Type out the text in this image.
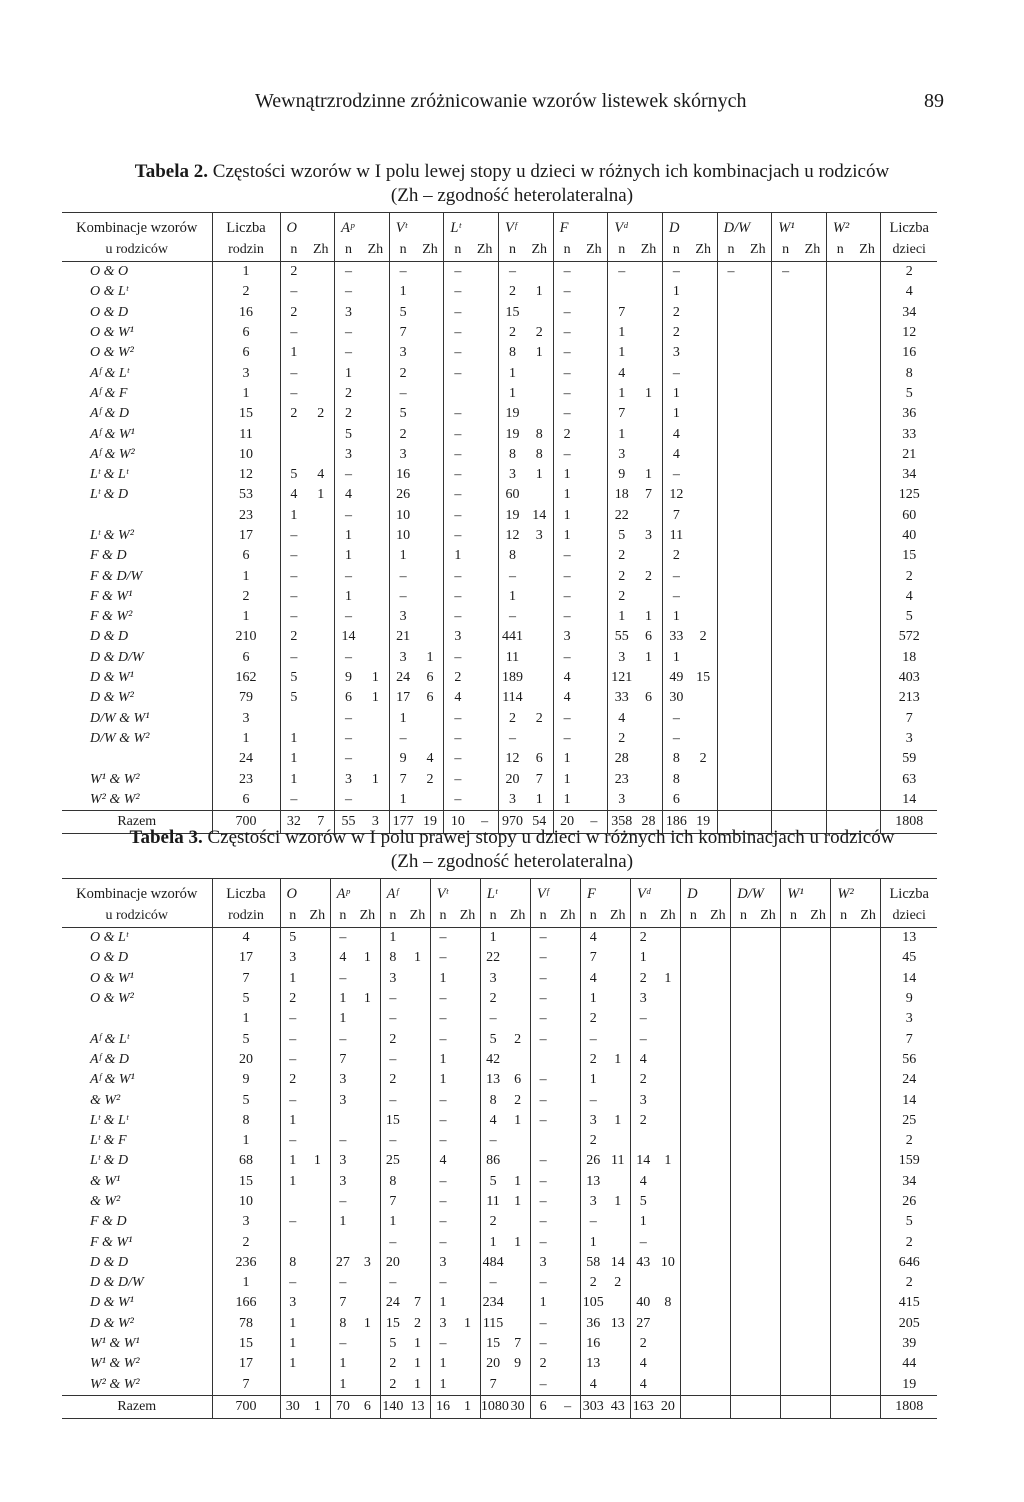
Wewnątrzrodzinne zróżnicowanie wzorów listewek skórnych	89
Tabela 2. Częstości wzorów w I polu lewej stopy u dzieci w różnych ich kombinacjach u rodziców
(Zh – zgodność heterolateralna)
Kombinacje wzorów	Liczba	O		Aᵖ		Vᵗ		Lᵗ		Vᶠ		F		Vᵈ		D		D/W		W¹		W²		Liczba
u rodziców	rodzin	n	Zh	n	Zh	n	Zh	n	Zh	n	Zh	n	Zh	n	Zh	n	Zh	n	Zh	n	Zh	n	Zh	dzieci
O & O	1	2		–		–		–		–		–		–		–		–		–				2
O & Lᵗ	2	–		–		1		–		2	1	–				1								4
O & D	16	2		3		5		–		15		–		7		2								34
O & W¹	6	–		–		7		–		2	2	–		1		2								12
O & W²	6	1		–		3		–		8	1	–		1		3								16
Aᶠ & Lᵗ	3	–		1		2		–		1		–		4		–								8
Aᶠ & F	1	–		2		–				1		–		1	1	1								5
Aᶠ & D	15	2	2	2		5		–		19		–		7		1								36
Aᶠ & W¹	11			5		2		–		19	8	2		1		4								33
Aᶠ & W²	10			3		3		–		8	8	–		3		4								21
Lᵗ & Lᵗ	12	5	4	–		16		–		3	1	1		9	1	–								34
Lᵗ & D	53	4	1	4		26		–		60		1		18	7	12								125
	23	1		–		10		–		19	14	1		22		7								60
Lᵗ & W²	17	–		1		10		–		12	3	1		5	3	11								40
F & D	6	–		1		1		1		8		–		2		2								15
F & D/W	1	–		–		–		–		–		–		2	2	–								2
F & W¹	2	–		1		–		–		1		–		2		–								4
F & W²	1	–		–		3		–		–		–		1	1	1								5
D & D	210	2		14		21		3		441		3		55	6	33	2							572
D & D/W	6	–		–		3	1	–		11		–		3	1	1								18
D & W¹	162	5		9	1	24	6	2		189		4		121		49	15							403
D & W²	79	5		6	1	17	6	4		114		4		33	6	30								213
D/W & W¹	3			–		1		–		2	2	–		4		–								7
D/W & W²	1	1		–		–		–		–		–		2		–								3
	24	1		–		9	4	–		12	6	1		28		8	2							59
W¹ & W²	23	1		3	1	7	2	–		20	7	1		23		8								63
W² & W²	6	–		–		1		–		3	1	1		3		6								14
Razem	700	32	7	55	3	177	19	10	–	970	54	20	–	358	28	186	19							1808
Tabela 3. Częstości wzorów w I polu prawej stopy u dzieci w różnych ich kombinacjach u rodziców
(Zh – zgodność heterolateralna)
Kombinacje wzorów	Liczba	O		Aᵖ		Aᶠ		Vᵗ		Lᵗ		Vᶠ		F		Vᵈ		D		D/W		W¹		W²		Liczba
u rodziców	rodzin	n	Zh	n	Zh	n	Zh	n	Zh	n	Zh	n	Zh	n	Zh	n	Zh	n	Zh	n	Zh	n	Zh	n	Zh	dzieci
O & Lᵗ	4	5		–		1		–		1		–		4		2										13
O & D	17	3		4	1	8	1	–		22		–		7		1										45
O & W¹	7	1		–		3		1		3		–		4		2	1									14
O & W²	5	2		1	1	–		–		2		–		1		3										9
	1	–		1		–		–		–		–		2		–										3
Aᶠ & Lᵗ	5	–		–		2		–		5	2	–		–		–										7
Aᶠ & D	20	–		7		–		1		42				2	1	4										56
Aᶠ & W¹	9	2		3		2		1		13	6	–		1		2										24
& W²	5	–		3		–		–		8	2	–		–		3										14
Lᵗ & Lᵗ	8	1				15		–		4	1	–		3	1	2										25
Lᵗ & F	1	–		–		–		–		–				2												2
Lᵗ & D	68	1	1	3		25		4		86		–		26	11	14	1									159
& W¹	15	1		3		8		–		5	1	–		13		4										34
& W²	10			–		7		–		11	1	–		3	1	5										26
F & D	3	–		1		1		–		2		–		–		1										5
F & W¹	2					–		–		1	1	–		1		–										2
D & D	236	8		27	3	20		3		484		3		58	14	43	10									646
D & D/W	1	–		–		–		–		–		–		2	2											2
D & W¹	166	3		7		24	7	1		234		1		105		40	8									415
D & W²	78	1		8	1	15	2	3	1	115		–		36	13	27										205
W¹ & W¹	15	1		–		5	1	–		15	7	–		16		2										39
W¹ & W²	17	1		1		2	1	1		20	9	2		13		4										44
W² & W²	7			1		2	1	1		7		–		4		4										19
Razem	700	30	1	70	6	140	13	16	1	1080	30	6	–	303	43	163	20									1808
